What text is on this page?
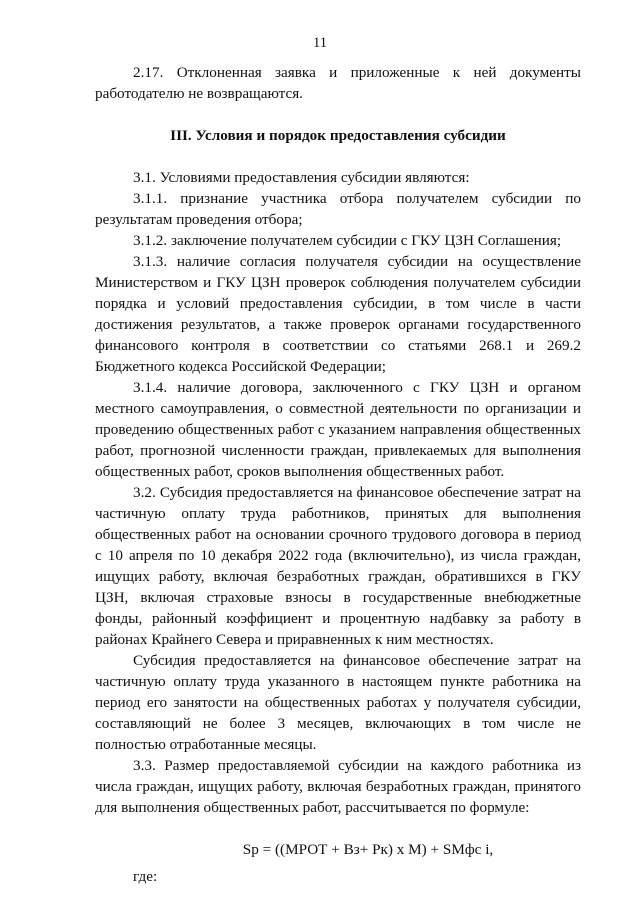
11

2.17. Отклоненная заявка и приложенные к ней документы работодателю не возвращаются.

III. Условия и порядок предоставления субсидии

3.1. Условиями предоставления субсидии являются:

3.1.1. признание участника отбора получателем субсидии по результатам проведения отбора;

3.1.2. заключение получателем субсидии с ГКУ ЦЗН Соглашения;

3.1.3. наличие согласия получателя субсидии на осуществление Министерством и ГКУ ЦЗН проверок соблюдения получателем субсидии порядка и условий предоставления субсидии, в том числе в части достижения результатов, а также проверок органами государственного финансового контроля в соответствии со статьями 268.1 и 269.2 Бюджетного кодекса Российской Федерации;

3.1.4. наличие договора, заключенного с ГКУ ЦЗН и органом местного самоуправления, о совместной деятельности по организации и проведению общественных работ с указанием направления общественных работ, прогнозной численности граждан, привлекаемых для выполнения общественных работ, сроков выполнения общественных работ.

3.2. Субсидия предоставляется на финансовое обеспечение затрат на частичную оплату труда работников, принятых для выполнения общественных работ на основании срочного трудового договора в период с 10 апреля по 10 декабря 2022 года (включительно), из числа граждан, ищущих работу, включая безработных граждан, обратившихся в ГКУ ЦЗН, включая страховые взносы в государственные внебюджетные фонды, районный коэффициент и процентную надбавку за работу в районах Крайнего Севера и приравненных к ним местностях.

Субсидия предоставляется на финансовое обеспечение затрат на частичную оплату труда указанного в настоящем пункте работника на период его занятости на общественных работах у получателя субсидии, составляющий не более 3 месяцев, включающих в том числе не полностью отработанные месяцы.

3.3. Размер предоставляемой субсидии на каждого работника из числа граждан, ищущих работу, включая безработных граждан, принятого для выполнения общественных работ, рассчитывается по формуле:

Sp = ((МРОТ + Вз+ Рк) х М) + SМфс i,

где:
